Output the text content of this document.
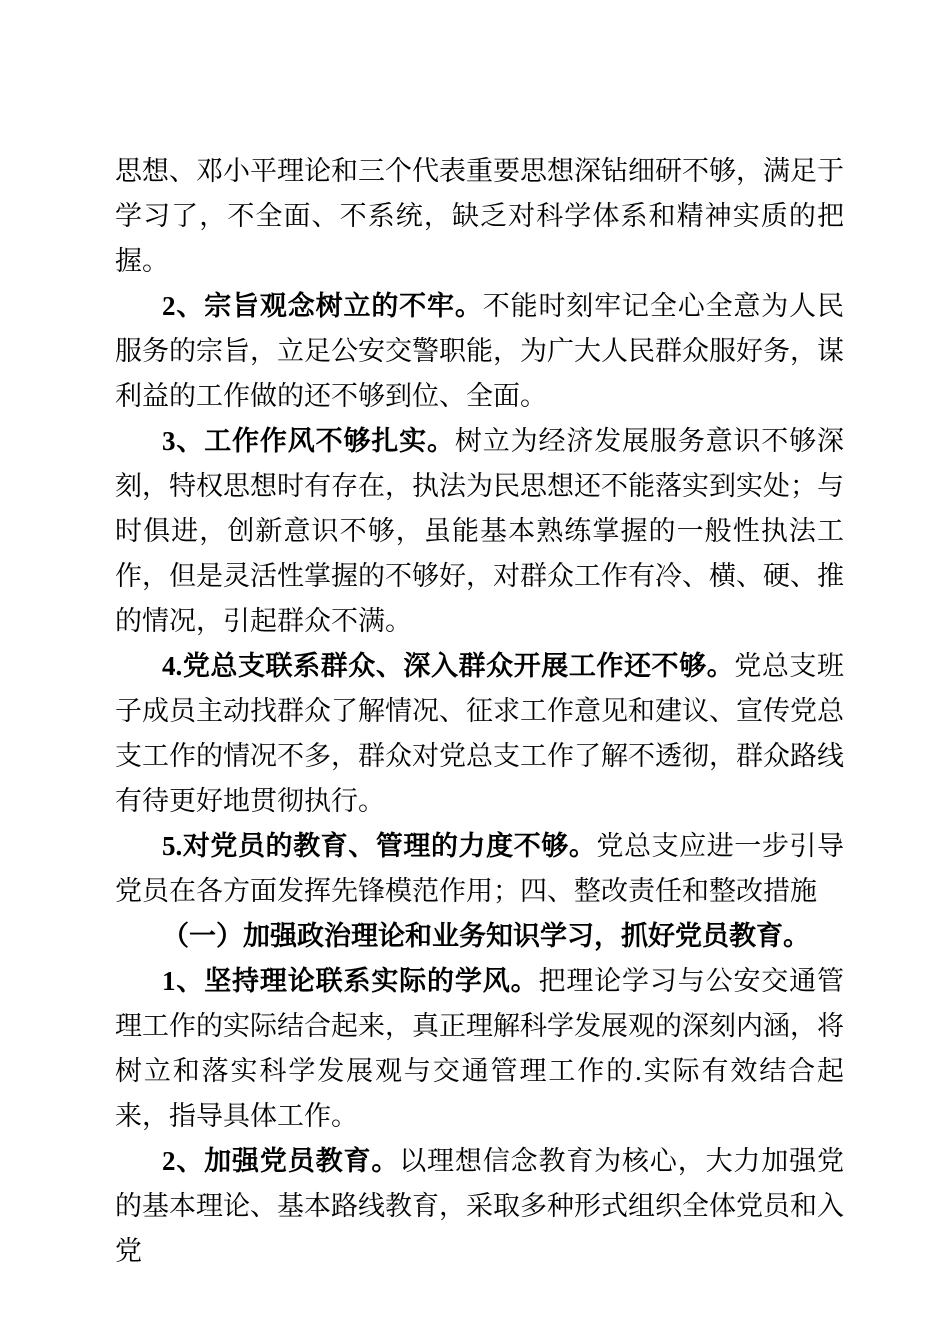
思想、邓小平理论和三个代表重要思想深钻细研不够，满足于学习了，不全面、不系统，缺乏对科学体系和精神实质的把握。

2、宗旨观念树立的不牢。不能时刻牢记全心全意为人民服务的宗旨，立足公安交警职能，为广大人民群众服好务，谋利益的工作做的还不够到位、全面。

3、工作作风不够扎实。树立为经济发展服务意识不够深刻，特权思想时有存在，执法为民思想还不能落实到实处；与时俱进，创新意识不够，虽能基本熟练掌握的一般性执法工作，但是灵活性掌握的不够好，对群众工作有冷、横、硬、推的情况，引起群众不满。

4.党总支联系群众、深入群众开展工作还不够。党总支班子成员主动找群众了解情况、征求工作意见和建议、宣传党总支工作的情况不多，群众对党总支工作了解不透彻，群众路线有待更好地贯彻执行。

5.对党员的教育、管理的力度不够。党总支应进一步引导党员在各方面发挥先锋模范作用；四、整改责任和整改措施

（一）加强政治理论和业务知识学习，抓好党员教育。

1、坚持理论联系实际的学风。把理论学习与公安交通管理工作的实际结合起来，真正理解科学发展观的深刻内涵，将树立和落实科学发展观与交通管理工作的.实际有效结合起来，指导具体工作。

2、加强党员教育。以理想信念教育为核心，大力加强党的基本理论、基本路线教育，采取多种形式组织全体党员和入党
